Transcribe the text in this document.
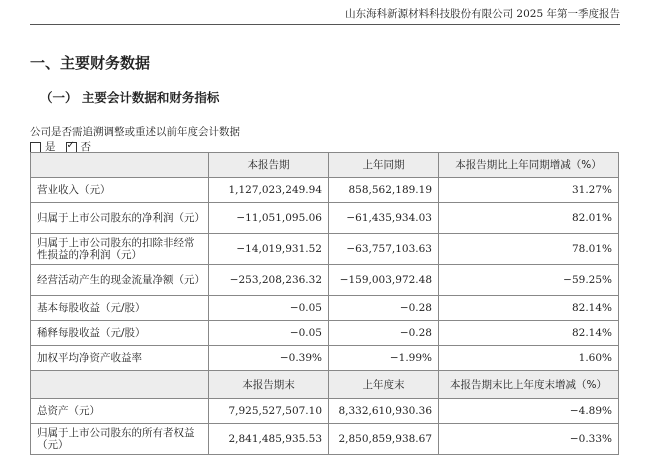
山东海科新源材料科技股份有限公司 2025 年第一季度报告
一、主要财务数据
（一） 主要会计数据和财务指标
公司是否需追溯调整或重述以前年度会计数据
是 ✓ 否
	本报告期	上年同期	本报告期比上年同期增减（%）
营业收入（元）	1,127,023,249.94	858,562,189.19	31.27%
归属于上市公司股东的净利润（元）	−11,051,095.06	−61,435,934.03	82.01%
归属于上市公司股东的扣除非经常性损益的净利润（元）	−14,019,931.52	−63,757,103.63	78.01%
经营活动产生的现金流量净额（元）	−253,208,236.32	−159,003,972.48	−59.25%
基本每股收益（元/股）	−0.05	−0.28	82.14%
稀释每股收益（元/股）	−0.05	−0.28	82.14%
加权平均净资产收益率	−0.39%	−1.99%	1.60%
	本报告期末	上年度末	本报告期末比上年度末增减（%）
总资产（元）	7,925,527,507.10	8,332,610,930.36	−4.89%
归属于上市公司股东的所有者权益（元）	2,841,485,935.53	2,850,859,938.67	−0.33%
